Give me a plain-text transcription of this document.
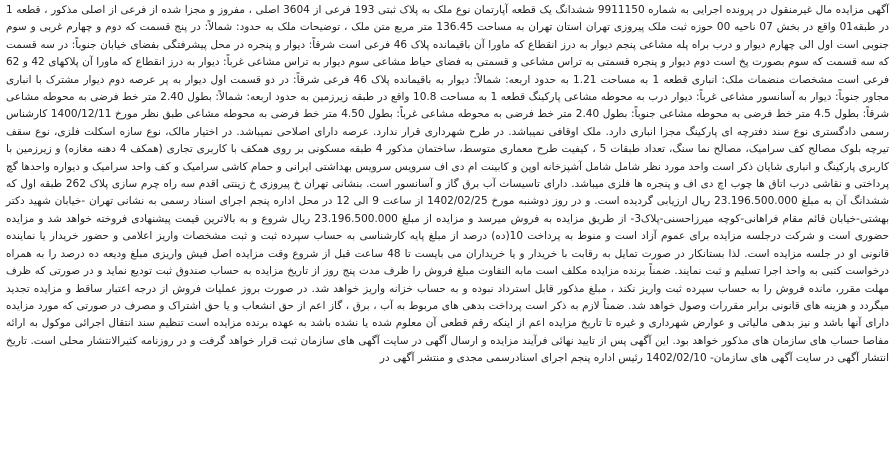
آگهی مزایده مال غیرمنقول در پرونده اجرایی به شماره 9911150 ششدانگ یک قطعه آپارتمان نوع ملک به پلاک ثبتی 193 فرعی از 3604 اصلی ، مفروز و مجزا شده از فرعی از اصلی مذکور ، قطعه 1 در طبقه01 واقع در بخش 07 ناحیه 00 حوزه ثبت ملک پیروزی تهران استان تهران به مساحت 136.45 متر مربع متن ملک ، توضیحات ملک به حدود: شمالاً: در پنج قسمت که دوم و چهارم غربی و سوم جنوبی است اول الی چهارم دیوار و درب براه پله مشاعی پنجم دیوار به درز انقطاع که ماورا آن باقیمانده پلاک 46 فرعی است شرقاً: دیوار و پنجره در محل پیشرفتگی بفضای خیابان جنوباً: در سه قسمت که سه قسمت که سوم بصورت پخ است دوم دیوار و پنجره قسمتی به تراس مشاعی و قسمتی به فضای حیاط مشاعی سوم دیوار به تراس مشاعی غرباً: دیوار به درز انقطاع که ماورا آن پلاکهای 42 و 62 فرعی است مشخصات منضمات ملک: انباری قطعه 1 به مساحت 1.21 به حدود اربعه: شمالاً: دیوار به باقیمانده پلاک 46 فرعی شرقاً: در دو قسمت اول دیوار به پر عرصه دوم دیوار مشترک با انباری مجاور جنوباً: دیوار به آسانسور مشاعی غرباً: دیوار درب به محوطه مشاعی پارکینگ قطعه 1 به مساحت 10.8 واقع در طبقه زیرزمین به حدود اربعه: شمالاً: بطول 2.40 متر خط فرضی به محوطه مشاعی شرقاً: بطول 4.5 متر خط فرضی به محوطه مشاعی جنوباً: بطول 2.40 متر خط فرضی به محوطه مشاعی غرباً: بطول 4.50 متر خط فرضی به محوطه مشاعی طبق نظر مورخ 1400/12/11 کارشناس رسمی دادگستری نوع سند دفترچه ای پارکینگ مجزا انباری دارد. ملک اوقافی نمیباشد. در طرح شهرداری قرار ندارد. عرصه دارای اصلاحی نمیباشد. در اختیار مالک، نوع سازه اسکلت فلزی، نوع سقف تیرچه بلوک مصالح کف سرامیک، مصالح نما سنگ، تعداد طبقات 5 ، کیفیت طرح معماری متوسط، ساختمان مذکور 4 طبقه مسکونی بر روی همکف با کاربری تجاری (همکف 4 دهنه مغازه) و زیرزمین با کاربری پارکینگ و انباری شایان ذکر است واحد مورد نظر شامل شامل آشپزخانه اوپن و کابینت ام دی اف سرویس سرویس بهداشتی ایرانی و حمام کاشی سرامیک و کف واحد سرامیک و دیواره واحدها گچ پرداختی و نقاشی درب اتاق ها چوب اچ دی اف و پنجره ها فلزی میباشد. دارای تاسیسات آب برق گاز و آسانسور است. بنشانی تهران خ پیروزی خ زینتی اقدم سه راه چرم سازی پلاک 262 طبقه اول که ششدانگ آن به مبلغ 23.196.500.000 ریال ارزیابی گردیده است. و در روز دوشنبه مورخ 1402/02/25 از ساعت 9 الی 12 در محل اداره پنجم اجرای اسناد رسمی به نشانی تهران -خیابان شهید دکتر بهشتی-خیابان قائم مقام فراهانی-کوچه میرزاحسنی-پلاک3- از طریق مزایده به فروش میرسد و مزایده از مبلغ 23.196.500.000 ریال شروع و به بالاترین قیمت پیشنهادی فروخته خواهد شد و مزایده حضوری است و شرکت درجلسه مزایده برای عموم آزاد است و منوط به پرداخت 10(ده) درصد از مبلغ پایه کارشناسی به حساب سپرده ثبت و ثبت مشخصات واریز اعلامی و حضور خریدار یا نماینده قانونی او در جلسه مزایده است. لذا بستانکار در صورت تمایل به رقابت با خریدار و یا خریداران می بایست تا 48 ساعت قبل از شروع وقت مزایده اصل فیش واریزی مبلغ ودیعه ده درصد را به همراه درخواست کتبی به واحد اجرا تسلیم و ثبت نمایند. ضمناً برنده مزایده مکلف است مابه التفاوت مبلغ فروش را ظرف مدت پنج روز از تاریخ مزایده به حساب صندوق ثبت تودیع نماید و در صورتی که ظرف مهلت مقرر، مانده فروش را به حساب سپرده ثبت واریز نکند ، مبلغ مذکور قابل استرداد نبوده و به حساب خزانه واریز خواهد شد. در صورت بروز عملیات فروش از درجه اعتبار ساقط و مزایده تجدید میگردد و هزینه های قانونی برابر مقررات وصول خواهد شد. ضمناً لازم به ذکر است پرداخت بدهی های مربوط به آب ، برق ، گاز اعم از حق انشعاب و یا حق اشتراک و مصرف در صورتی که مورد مزایده دارای آنها باشد و نیز بدهی مالیاتی و عوارض شهرداری و غیره تا تاریخ مزایده اعم از اینکه رقم قطعی آن معلوم شده یا نشده باشد به عهده برنده مزایده است تنظیم سند انتقال اجرائی موکول به ارائه مفاصا حساب های سازمان های مذکور خواهد بود. این آگهی پس از تایید نهائی فرآیند مزایده و ارسال آگهی در سایت آگهی های سازمان ثبت قرار خواهد گرفت و در روزنامه کثیرالانتشار محلی است. تاریخ انتشار آگهی در سایت آگهی های سازمان- 1402/02/10 رئیس اداره پنجم اجرای اسنادرسمی مجدی و منتشر آگهی در
